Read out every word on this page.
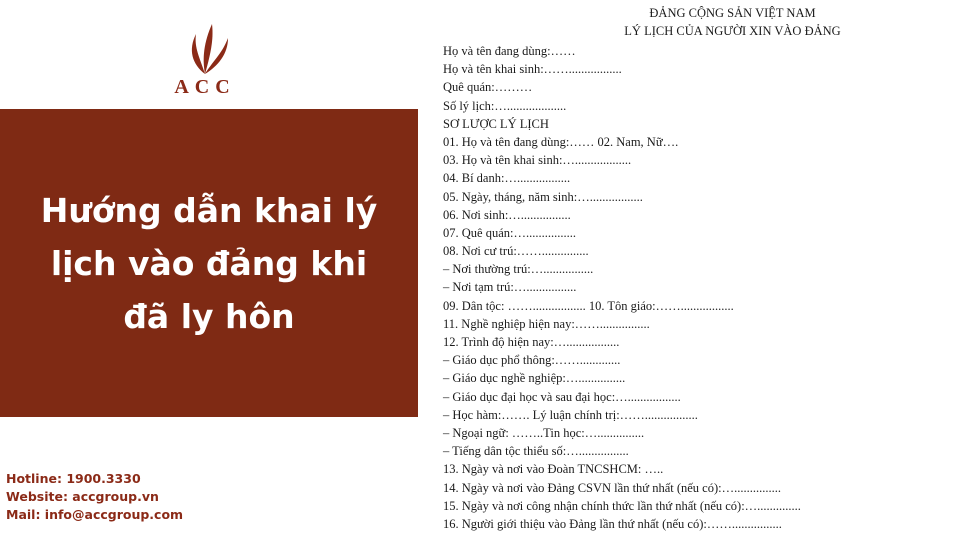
ACC
Hướng dẫn khai lý lịch vào đảng khi đã ly hôn
Hotline: 1900.3330
Website: accgroup.vn
Mail: info@accgroup.com
ĐẢNG CỘNG SẢN VIỆT NAM
LÝ LỊCH CỦA NGƯỜI XIN VÀO ĐẢNG
Họ và tên đang dùng:……
Họ và tên khai sinh:…….................
Quê quán:………
Số lý lịch:…...................
SƠ LƯỢC LÝ LỊCH
01. Họ và tên đang dùng:…… 02. Nam, Nữ….
03. Họ và tên khai sinh:…..................
04. Bí danh:….................
05. Ngày, tháng, năm sinh:….................
06. Nơi sinh:…................
07. Quê quán:…................
08. Nơi cư trú:……...............
– Nơi thường trú:…................
– Nơi tạm trú:…................
09. Dân tộc: ……................. 10. Tôn giáo:…….................
11. Nghề nghiệp hiện nay:……................
12. Trình độ hiện nay:….................
– Giáo dục phổ thông:…….............
– Giáo dục nghề nghiệp:…...............
– Giáo dục đại học và sau đại học:….................
– Học hàm:……. Lý luận chính trị:…….................
– Ngoại ngữ: ……..Tin học:…...............
– Tiếng dân tộc thiểu số:…................
13. Ngày và nơi vào Đoàn TNCSHCM: …..
14. Ngày và nơi vào Đảng CSVN lần thứ nhất (nếu có):…...............
15. Ngày và nơi công nhận chính thức lần thứ nhất (nếu có):…..............
16. Người giới thiệu vào Đảng lần thứ nhất (nếu có):……................
